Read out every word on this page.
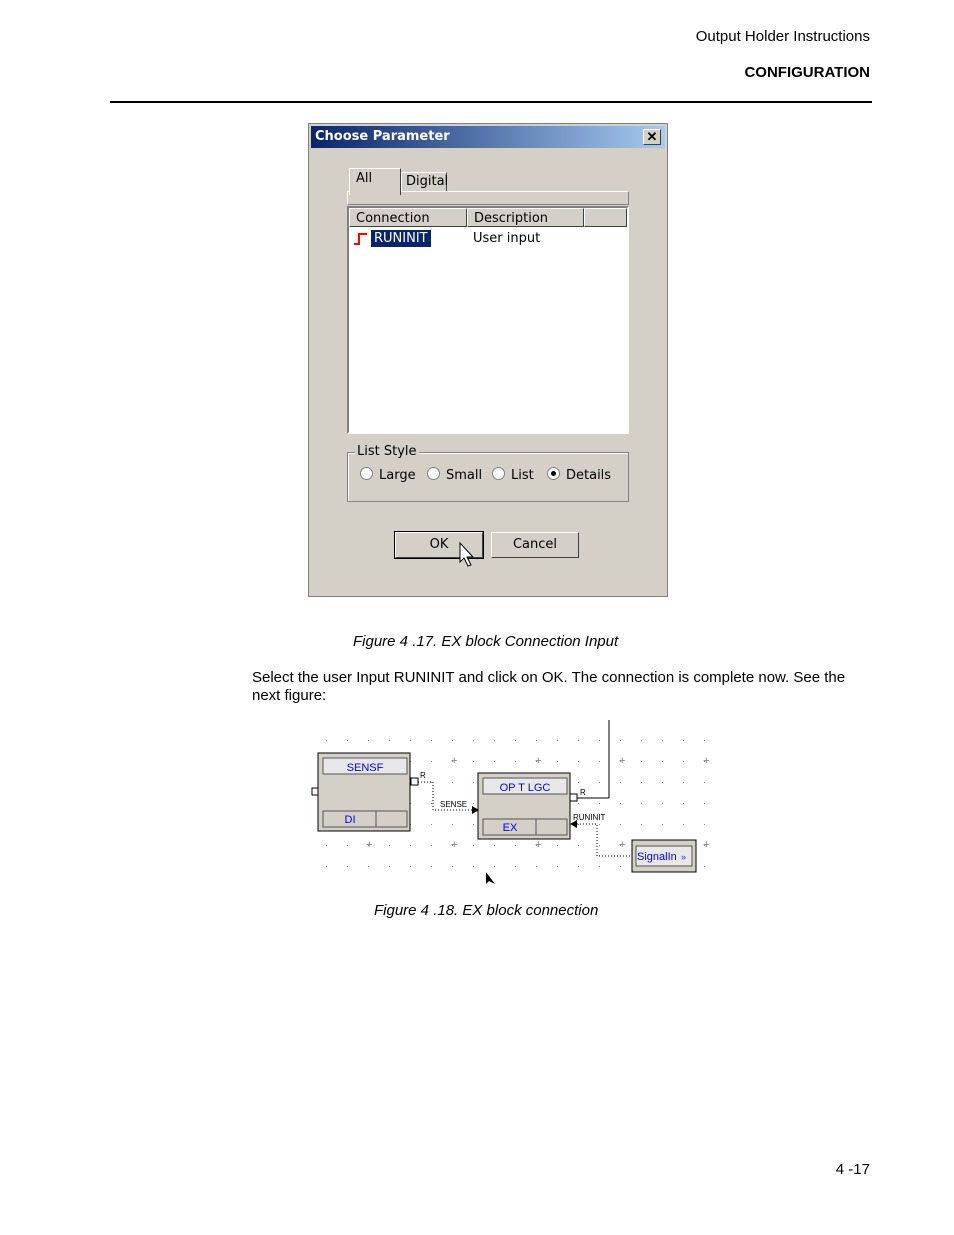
Output Holder Instructions
CONFIGURATION
Choose Parameter	✕
All	Digital
Connection	Description
RUNINIT	User input
List Style
Large	Small	List	Details
OK	Cancel
Figure 4 .17. EX block Connection Input
Select the user Input RUNINIT and click on OK. The connection is complete now. See the next figure:
+	+	+	+
+	+	+	+	+
SENSF
DI
R
SENSE
OP T LGC
EX
R
RUNINIT
SignalIn »
Figure 4 .18. EX block connection
4 -17
